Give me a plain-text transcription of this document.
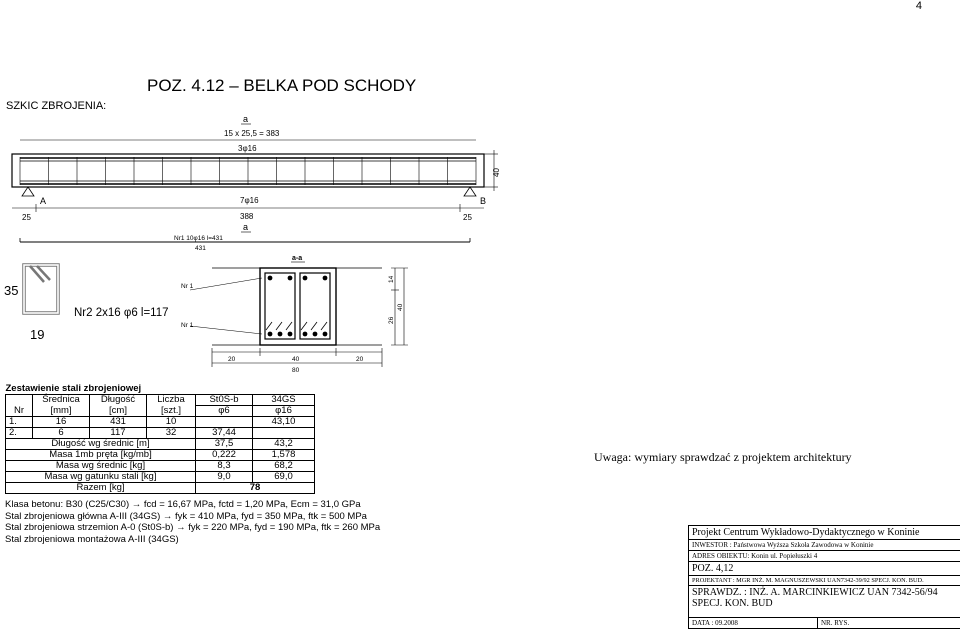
4
POZ. 4.12 – BELKA POD SCHODY
SZKIC ZBROJENIA:
40
a
15 x 25,5 = 383
3φ16
A	B
7φ16
25	388	25
a
Nr1 10φ16 l=431
431
35
19
Nr2 2x16 φ6 l=117
a-a
Nr 1
Nr 1
14
26
40
20	40	20
80
Zestawienie stali zbrojeniowej					
	Średnica	Długość	Liczba	St0S-b	34GS
Nr	[mm]	[cm]	[szt.]	φ6	φ16
1.	16	431	10		43,10
2.	6	117	32	37,44	
Długość wg średnic [m]				37,5	43,2
Masa 1mb pręta [kg/mb]				0,222	1,578
Masa wg średnic [kg]				8,3	68,2
Masa wg gatunku stali [kg]				9,0	69,0
Razem [kg]				78	
Uwaga: wymiary sprawdzać z projektem architektury
Klasa betonu: B30 (C25/C30) → fcd = 16,67 MPa, fctd = 1,20 MPa, Ecm = 31,0 GPa
Stal zbrojeniowa główna A-III (34GS) → fyk = 410 MPa, fyd = 350 MPa, ftk = 500 MPa
Stal zbrojeniowa strzemion A-0 (St0S-b) → fyk = 220 MPa, fyd = 190 MPa, ftk = 260 MPa
Stal zbrojeniowa montażowa A-III (34GS)
Projekt Centrum Wykładowo-Dydaktycznego w Koninie
INWESTOR : Państwowa Wyższa Szkoła Zawodowa w Koninie
ADRES OBIEKTU: Konin ul. Popiełuszki 4
POZ. 4,12
PROJEKTANT : MGR INŻ. M. MAGNUSZEWSKI UAN7342-39/92 SPECJ. KON. BUD.
SPRAWDZ. : INŻ. A. MARCINKIEWICZ UAN 7342-56/94
SPECJ. KON. BUD
DATA : 09.2008	NR. RYS.
